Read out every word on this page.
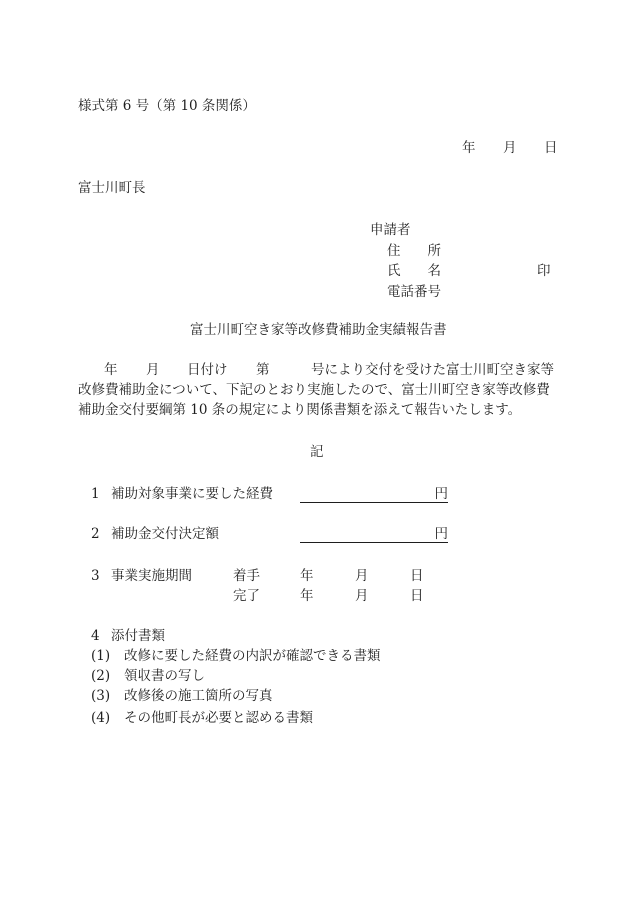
様式第 6 号（第 10 条関係）
年 月 日
富士川町長
申請者
住　　所
氏　　名	印
電話番号
富士川町空き家等改修費補助金実績報告書
年 月 日付け 第	号により交付を受けた富士川町空き家等
改修費補助金について、下記のとおり実施したので、富士川町空き家等改修費
補助金交付要綱第 10 条の規定により関係書類を添えて報告いたします。
記
1 補助対象事業に要した経費	円
2 補助金交付決定額	円
3 事業実施期間	着手	年	月	日
完了	年	月	日
4 添付書類
(1) 改修に要した経費の内訳が確認できる書類
(2) 領収書の写し
(3) 改修後の施工箇所の写真
(4) その他町長が必要と認める書類
